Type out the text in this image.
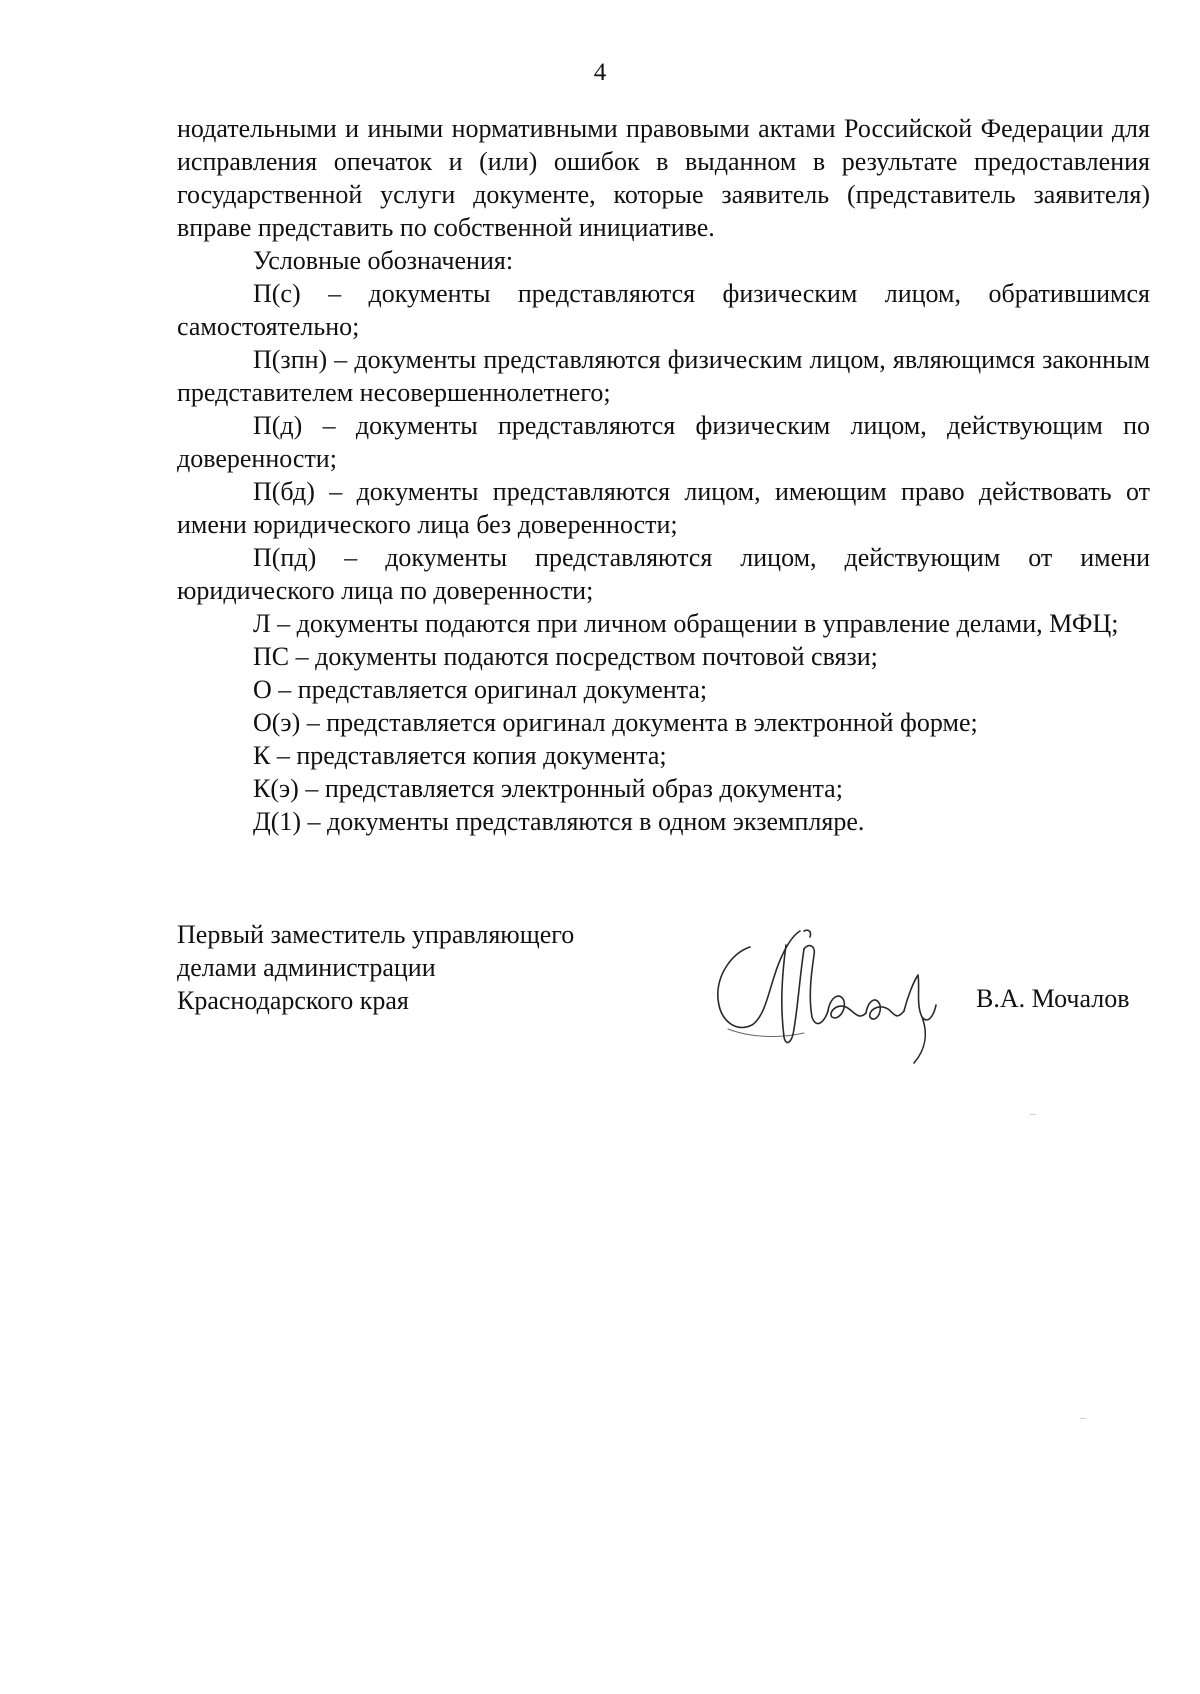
4

нодательными и иными нормативными правовыми актами Российской Федерации для исправления опечаток и (или) ошибок в выданном в результате предоставления государственной услуги документе, которые заявитель (представитель заявителя) вправе представить по собственной инициативе.

Условные обозначения:

П(с) – документы представляются физическим лицом, обратившимся самостоятельно;

П(зпн) – документы представляются физическим лицом, являющимся законным представителем несовершеннолетнего;

П(д) – документы представляются физическим лицом, действующим по доверенности;

П(бд) – документы представляются лицом, имеющим право действовать от имени юридического лица без доверенности;

П(пд) – документы представляются лицом, действующим от имени юридического лица по доверенности;

Л – документы подаются при личном обращении в управление делами, МФЦ;

ПС – документы подаются посредством почтовой связи;

О – представляется оригинал документа;

О(э) – представляется оригинал документа в электронной форме;

К – представляется копия документа;

К(э) – представляется электронный образ документа;

Д(1) – документы представляются в одном экземпляре.

Первый заместитель управляющего
делами администрации
Краснодарского края	В.А. Мочалов
